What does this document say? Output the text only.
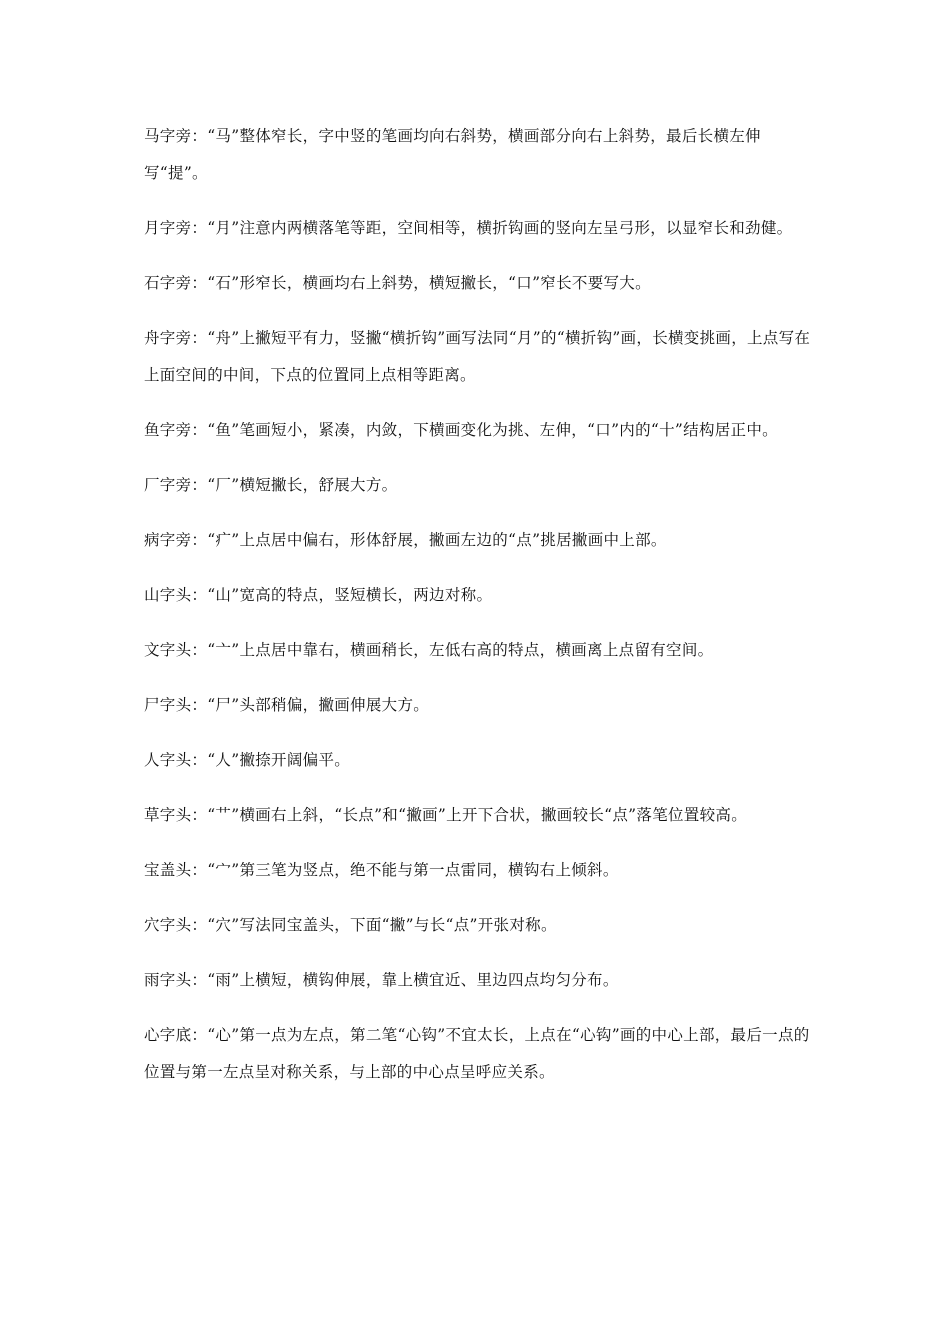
马字旁：“马”整体窄长，字中竖的笔画均向右斜势，横画部分向右上斜势，最后长横左伸写“提”。

月字旁：“月”注意内两横落笔等距，空间相等，横折钩画的竖向左呈弓形，以显窄长和劲健。

石字旁：“石”形窄长，横画均右上斜势，横短撇长，“口”窄长不要写大。

舟字旁：“舟”上撇短平有力，竖撇“横折钩”画写法同“月”的“横折钩”画，长横变挑画，上点写在上面空间的中间，下点的位置同上点相等距离。

鱼字旁：“鱼”笔画短小，紧凑，内敛，下横画变化为挑、左伸，“口”内的“十”结构居正中。

厂字旁：“厂”横短撇长，舒展大方。

病字旁：“疒”上点居中偏右，形体舒展，撇画左边的“点”挑居撇画中上部。

山字头：“山”宽高的特点，竖短横长，两边对称。

文字头：“亠”上点居中靠右，横画稍长，左低右高的特点，横画离上点留有空间。

尸字头：“尸”头部稍偏，撇画伸展大方。

人字头：“人”撇捺开阔偏平。

草字头：“艹”横画右上斜，“长点”和“撇画”上开下合状，撇画较长“点”落笔位置较高。

宝盖头：“宀”第三笔为竖点，绝不能与第一点雷同，横钩右上倾斜。

穴字头：“穴”写法同宝盖头，下面“撇”与长“点”开张对称。

雨字头：“雨”上横短，横钩伸展，靠上横宜近、里边四点均匀分布。

心字底：“心”第一点为左点，第二笔“心钩”不宜太长，上点在“心钩”画的中心上部，最后一点的位置与第一左点呈对称关系，与上部的中心点呈呼应关系。
